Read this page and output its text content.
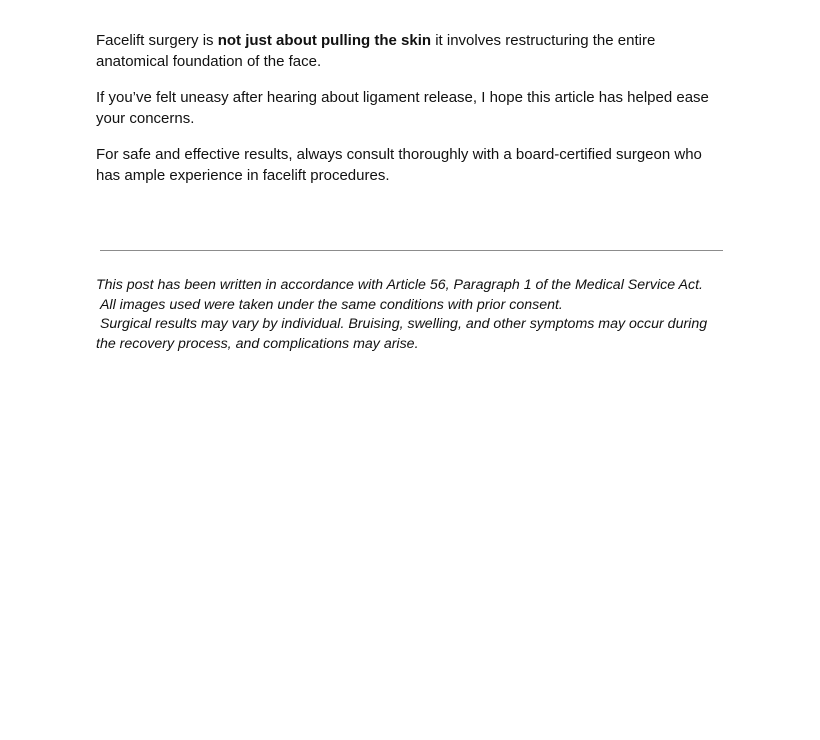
Facelift surgery is not just about pulling the skin it involves restructuring the entire anatomical foundation of the face.

If you’ve felt uneasy after hearing about ligament release, I hope this article has helped ease your concerns.

For safe and effective results, always consult thoroughly with a board-certified surgeon who has ample experience in facelift procedures.

This post has been written in accordance with Article 56, Paragraph 1 of the Medical Service Act.
All images used were taken under the same conditions with prior consent.
Surgical results may vary by individual. Bruising, swelling, and other symptoms may occur during the recovery process, and complications may arise.
